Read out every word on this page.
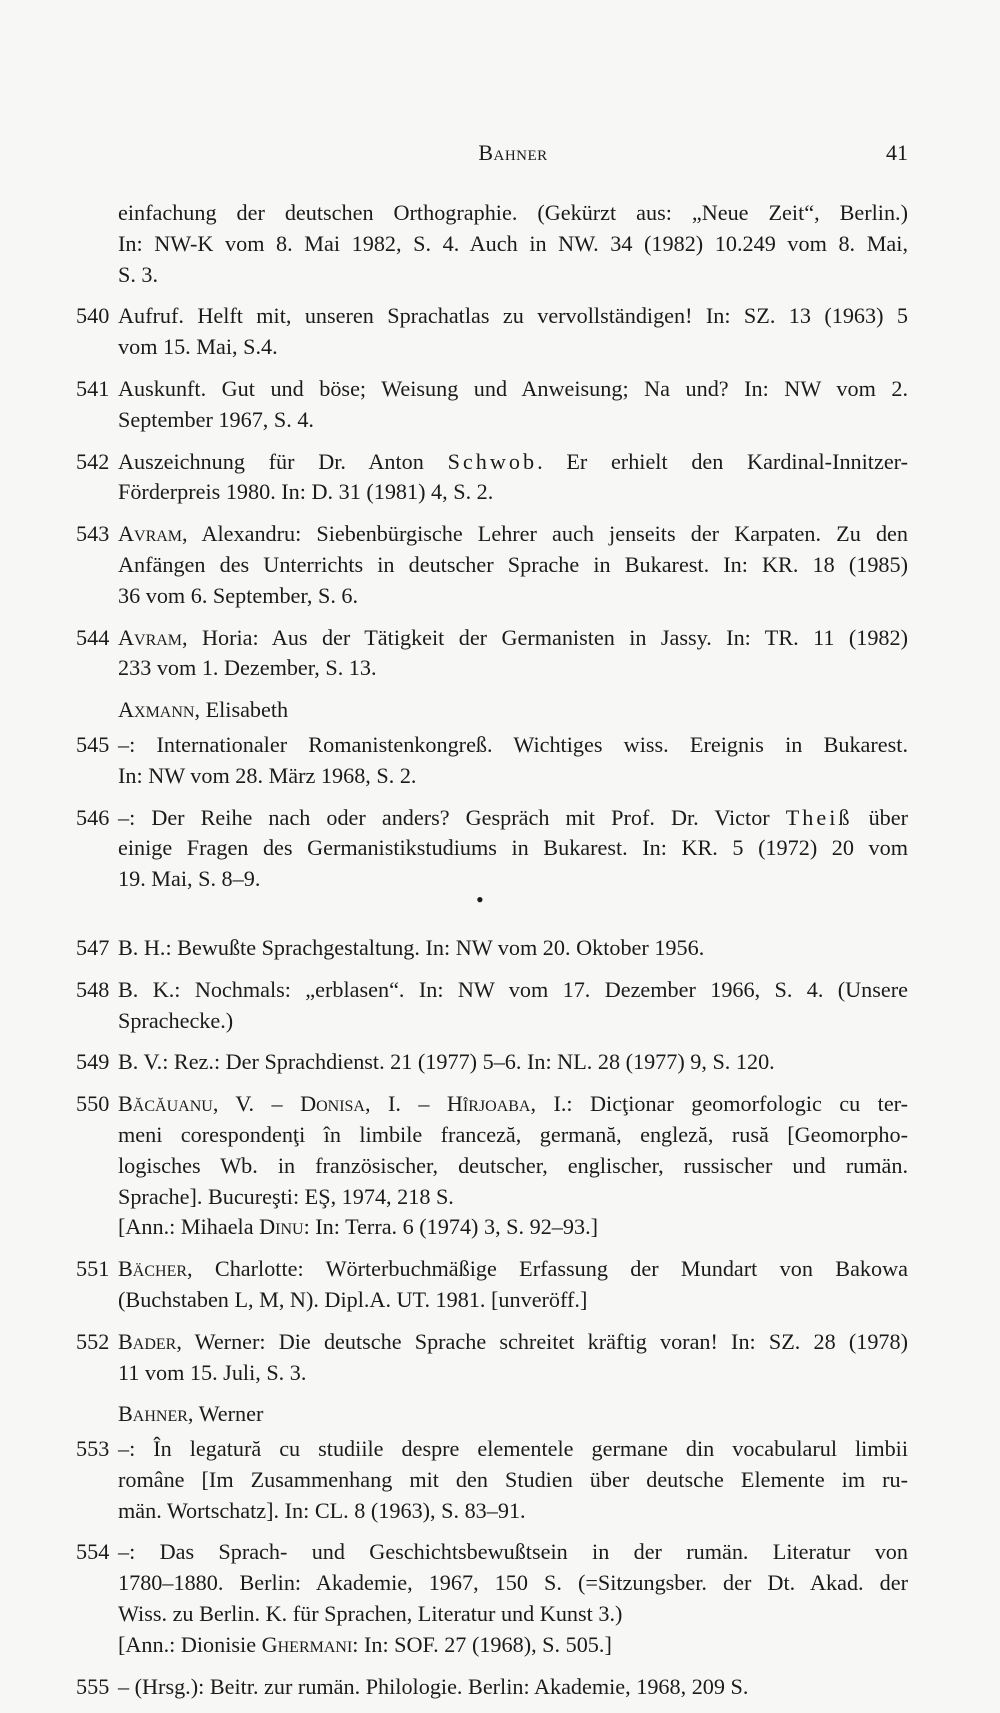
Bahner	41
einfachung der deutschen Orthographie. (Gekürzt aus: „Neue Zeit“, Berlin.)
In: NW-K vom 8. Mai 1982, S. 4. Auch in NW. 34 (1982) 10.249 vom 8. Mai,
S. 3.
540 Aufruf. Helft mit, unseren Sprachatlas zu vervollständigen! In: SZ. 13 (1963) 5
vom 15. Mai, S.4.
541 Auskunft. Gut und böse; Weisung und Anweisung; Na und? In: NW vom 2.
September 1967, S. 4.
542 Auszeichnung für Dr. Anton Schwob. Er erhielt den Kardinal-Innitzer-
Förderpreis 1980. In: D. 31 (1981) 4, S. 2.
543 Avram, Alexandru: Siebenbürgische Lehrer auch jenseits der Karpaten. Zu den
Anfängen des Unterrichts in deutscher Sprache in Bukarest. In: KR. 18 (1985)
36 vom 6. September, S. 6.
544 Avram, Horia: Aus der Tätigkeit der Germanisten in Jassy. In: TR. 11 (1982)
233 vom 1. Dezember, S. 13.
Axmann, Elisabeth
545 –: Internationaler Romanistenkongreß. Wichtiges wiss. Ereignis in Bukarest.
In: NW vom 28. März 1968, S. 2.
546 –: Der Reihe nach oder anders? Gespräch mit Prof. Dr. Victor Theiß über
einige Fragen des Germanistikstudiums in Bukarest. In: KR. 5 (1972) 20 vom
19. Mai, S. 8–9.
•
547 B. H.: Bewußte Sprachgestaltung. In: NW vom 20. Oktober 1956.
548 B. K.: Nochmals: „erblasen“. In: NW vom 17. Dezember 1966, S. 4. (Unsere
Sprachecke.)
549 B. V.: Rez.: Der Sprachdienst. 21 (1977) 5–6. In: NL. 28 (1977) 9, S. 120.
550 Băcăuanu, V. – Donisa, I. – Hîrjoaba, I.: Dicţionar geomorfologic cu ter-
meni corespondenţi în limbile franceză, germană, engleză, rusă [Geomorpho-
logisches Wb. in französischer, deutscher, englischer, russischer und rumän.
Sprache]. Bucureşti: EŞ, 1974, 218 S.
[Ann.: Mihaela Dinu: In: Terra. 6 (1974) 3, S. 92–93.]
551 Bächer, Charlotte: Wörterbuchmäßige Erfassung der Mundart von Bakowa
(Buchstaben L, M, N). Dipl.A. UT. 1981. [unveröff.]
552 Bader, Werner: Die deutsche Sprache schreitet kräftig voran! In: SZ. 28 (1978)
11 vom 15. Juli, S. 3.
Bahner, Werner
553 –: În legatură cu studiile despre elementele germane din vocabularul limbii
române [Im Zusammenhang mit den Studien über deutsche Elemente im ru-
män. Wortschatz]. In: CL. 8 (1963), S. 83–91.
554 –: Das Sprach- und Geschichtsbewußtsein in der rumän. Literatur von
1780–1880. Berlin: Akademie, 1967, 150 S. (=Sitzungsber. der Dt. Akad. der
Wiss. zu Berlin. K. für Sprachen, Literatur und Kunst 3.)
[Ann.: Dionisie Ghermani: In: SOF. 27 (1968), S. 505.]
555 – (Hrsg.): Beitr. zur rumän. Philologie. Berlin: Akademie, 1968, 209 S.
